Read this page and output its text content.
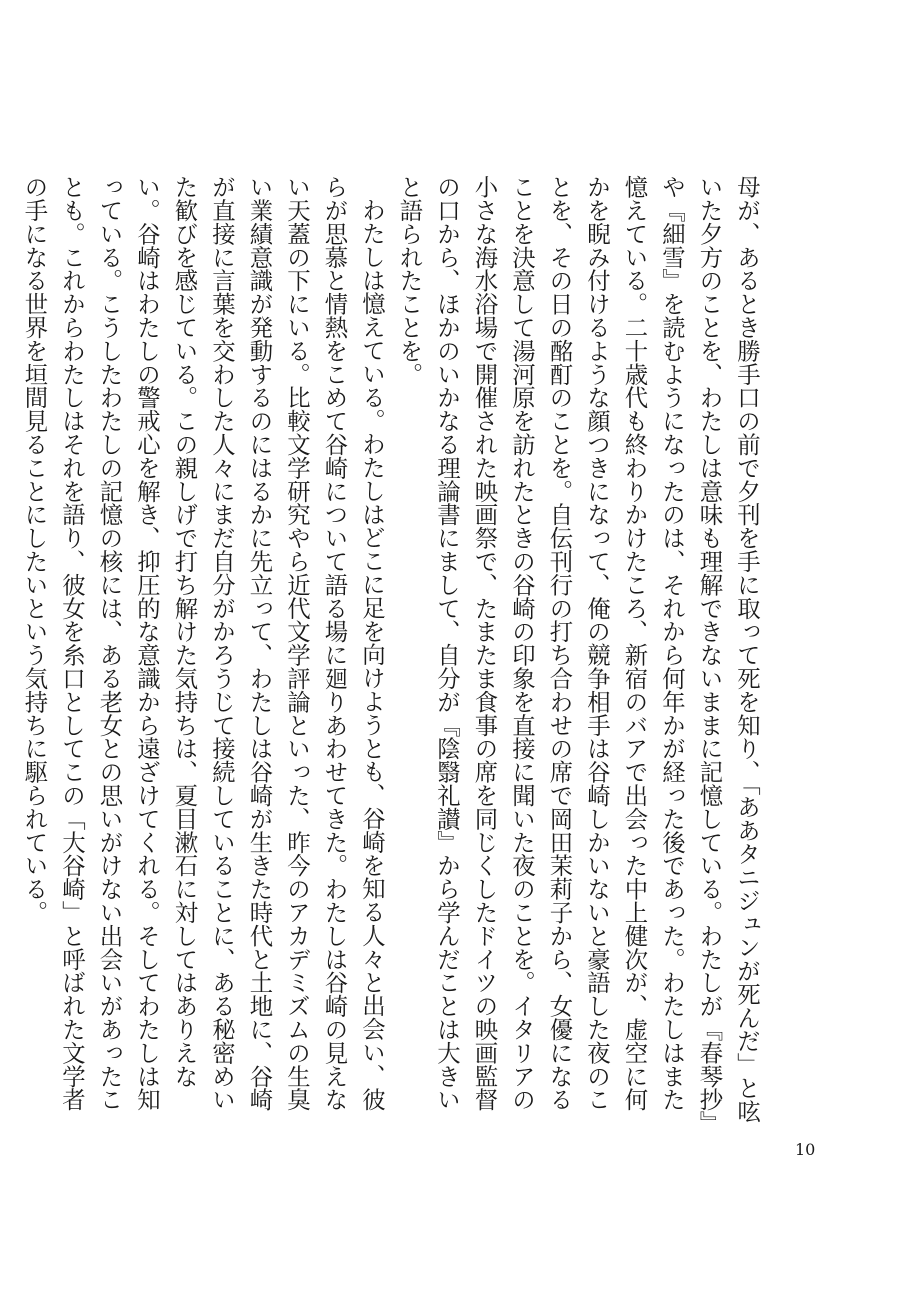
母が、あるとき勝手口の前で夕刊を手に取って死を知り、「ああタニジュンが死んだ」と呟いた夕方のことを、わたしは意味も理解できないままに記憶している。わたしが『春琴抄』や『細雪』を読むようになったのは、それから何年かが経った後であった。わたしはまた憶えている。二十歳代も終わりかけたころ、新宿のバアで出会った中上健次が、虚空に何かを睨み付けるような顔つきになって、俺の競争相手は谷崎しかいないと豪語した夜のことを、その日の酩酊のことを。自伝刊行の打ち合わせの席で岡田茉莉子から、女優になることを決意して湯河原を訪れたときの谷崎の印象を直接に聞いた夜のことを。イタリアの小さな海水浴場で開催された映画祭で、たまたま食事の席を同じくしたドイツの映画監督の口から、ほかのいかなる理論書にまして、自分が『陰翳礼讃』から学んだことは大きいと語られたことを。

わたしは憶えている。わたしはどこに足を向けようとも、谷崎を知る人々と出会い、彼らが思慕と情熱をこめて谷崎について語る場に廻りあわせてきた。わたしは谷崎の見えない天蓋の下にいる。比較文学研究やら近代文学評論といった、昨今のアカデミズムの生臭い業績意識が発動するのにはるかに先立って、わたしは谷崎が生きた時代と土地に、谷崎が直接に言葉を交わした人々にまだ自分がかろうじて接続していることに、ある秘密めいた歓びを感じている。この親しげで打ち解けた気持ちは、夏目漱石に対してはありえない。谷崎はわたしの警戒心を解き、抑圧的な意識から遠ざけてくれる。そしてわたしは知っている。こうしたわたしの記憶の核には、ある老女との思いがけない出会いがあったことも。これからわたしはそれを語り、彼女を糸口としてこの「大谷崎」と呼ばれた文学者の手になる世界を垣間見ることにしたいという気持ちに駆られている。

10
